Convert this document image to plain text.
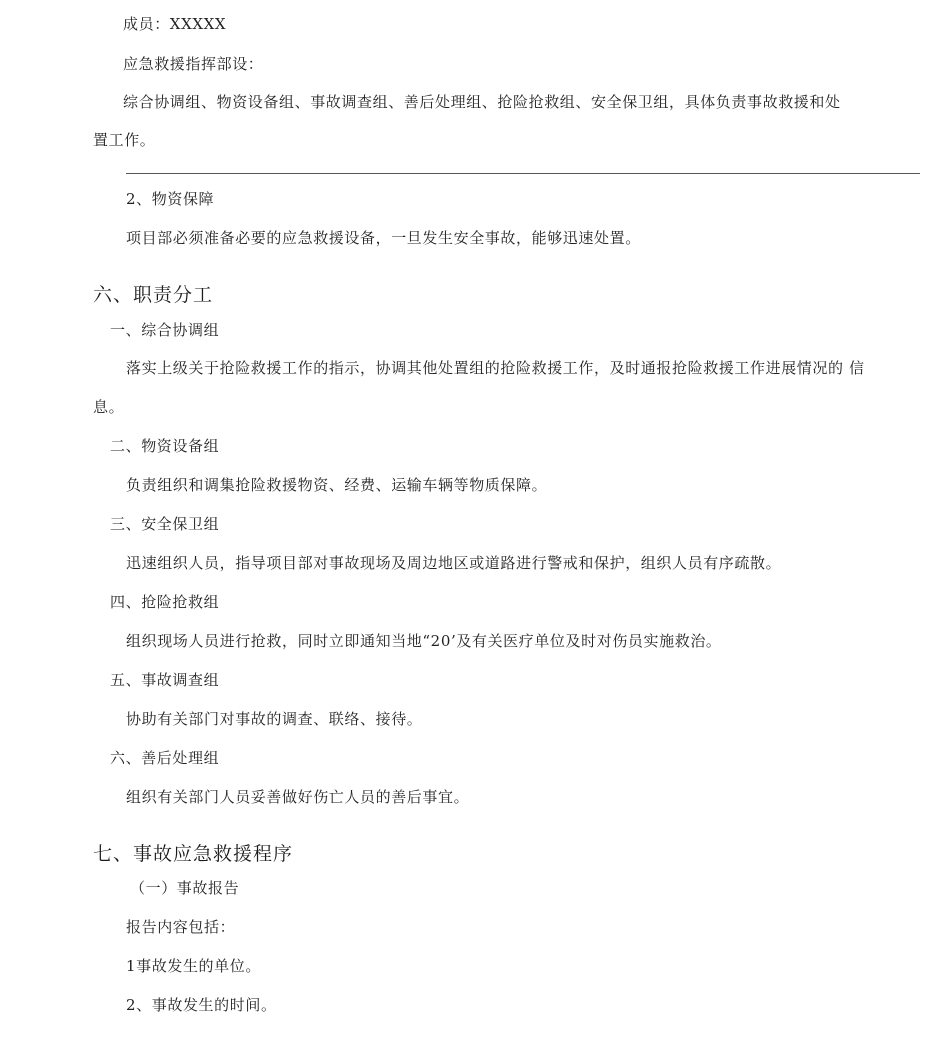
成员：XXXXX
应急救援指挥部设：
综合协调组、物资设备组、事故调查组、善后处理组、抢险抢救组、安全保卫组，具体负责事故救援和处
置工作。
2、物资保障
项目部必须准备必要的应急救援设备，一旦发生安全事故，能够迅速处置。
六、职责分工
一、综合协调组
落实上级关于抢险救援工作的指示，协调其他处置组的抢险救援工作，及时通报抢险救援工作进展情况的 信
息。
二、物资设备组
负责组织和调集抢险救援物资、经费、运输车辆等物质保障。
三、安全保卫组
迅速组织人员，指导项目部对事故现场及周边地区或道路进行警戒和保护，组织人员有序疏散。
四、抢险抢救组
组织现场人员进行抢救，同时立即通知当地“20’及有关医疗单位及时对伤员实施救治。
五、事故调查组
协助有关部门对事故的调查、联络、接待。
六、善后处理组
组织有关部门人员妥善做好伤亡人员的善后事宜。
七、事故应急救援程序
（一）事故报告
报告内容包括：
1事故发生的单位。
2、事故发生的时间。
